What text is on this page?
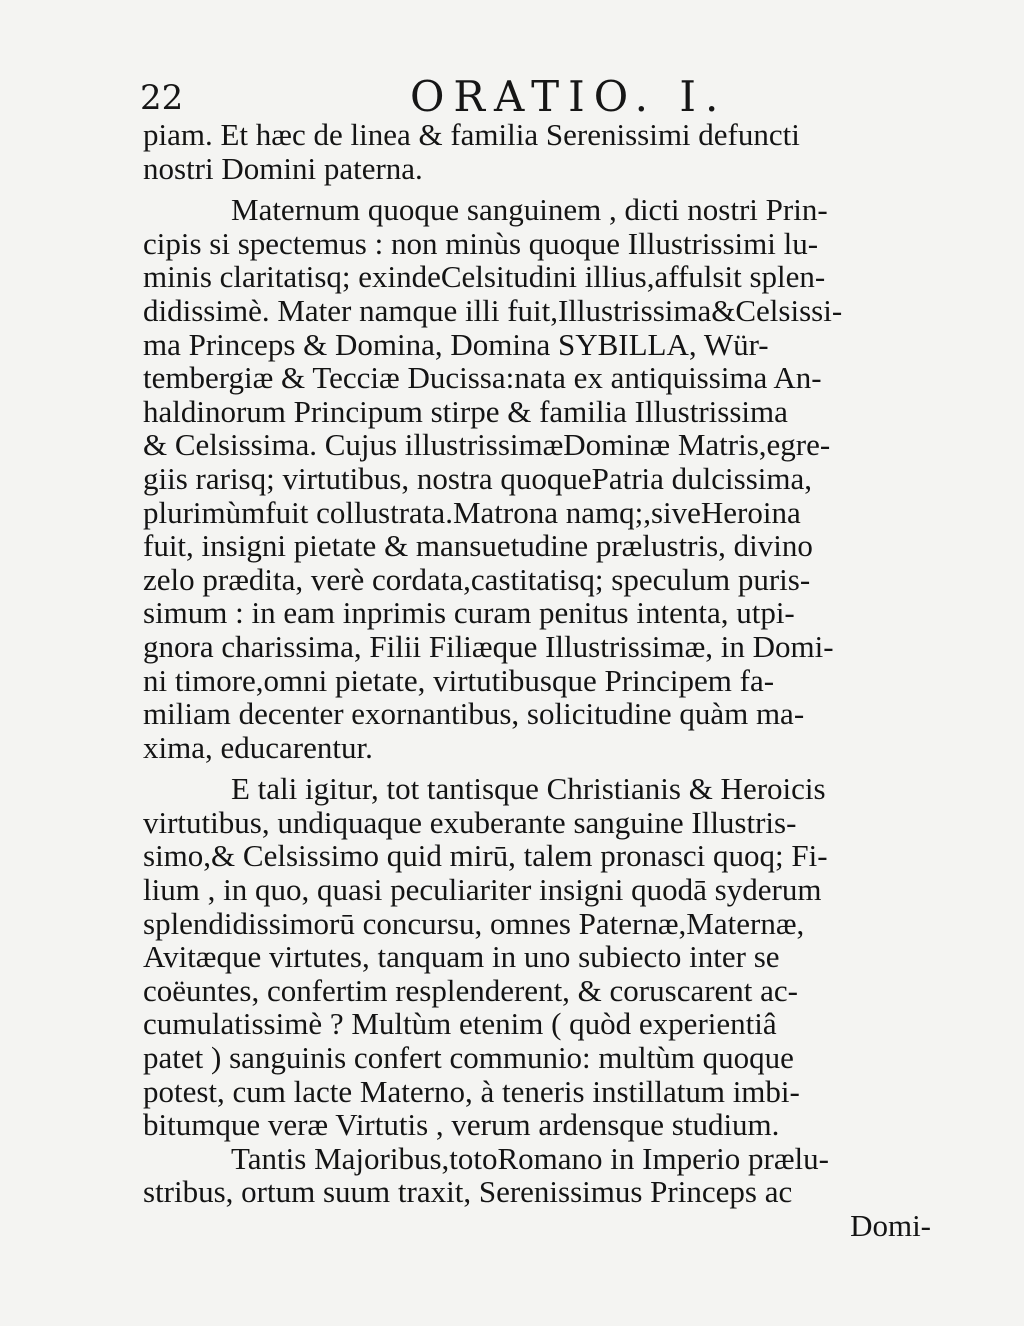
22	ORATIO. I.
piam. Et hæc de linea & familia Serenissimi defuncti
nostri Domini paterna.
Maternum quoque sanguinem , dicti nostri Prin-
cipis si spectemus : non minùs quoque Illustrissimi lu-
minis claritatisq; exindeCelsitudini illius,affulsit splen-
didissimè. Mater namque illi fuit,Illustrissima&Celsissi-
ma Princeps & Domina, Domina SYBILLA, Wür-
tembergiæ & Tecciæ Ducissa:nata ex antiquissima An-
haldinorum Principum stirpe & familia Illustrissima
& Celsissima. Cujus illustrissimæDominæ Matris,egre-
giis rarisq; virtutibus, nostra quoquePatria dulcissima,
plurimùmfuit collustrata.Matrona namq;,siveHeroina
fuit, insigni pietate & mansuetudine prælustris, divino
zelo prædita, verè cordata,castitatisq; speculum puris-
simum : in eam inprimis curam penitus intenta, utpi-
gnora charissima, Filii Filiæque Illustrissimæ, in Domi-
ni timore,omni pietate, virtutibusque Principem fa-
miliam decenter exornantibus, solicitudine quàm ma-
xima, educarentur.
E tali igitur, tot tantisque Christianis & Heroicis
virtutibus, undiquaque exuberante sanguine Illustris-
simo,& Celsissimo quid mirū, talem pronasci quoq; Fi-
lium , in quo, quasi peculiariter insigni quodā syderum
splendidissimorū concursu, omnes Paternæ,Maternæ,
Avitæque virtutes, tanquam in uno subiecto inter se
coëuntes, confertim resplenderent, & coruscarent ac-
cumulatissimè ? Multùm etenim ( quòd experientiâ
patet ) sanguinis confert communio: multùm quoque
potest, cum lacte Materno, à teneris instillatum imbi-
bitumque veræ Virtutis , verum ardensque studium.
Tantis Majoribus,totoRomano in Imperio prælu-
stribus, ortum suum traxit, Serenissimus Princeps ac
Domi-
